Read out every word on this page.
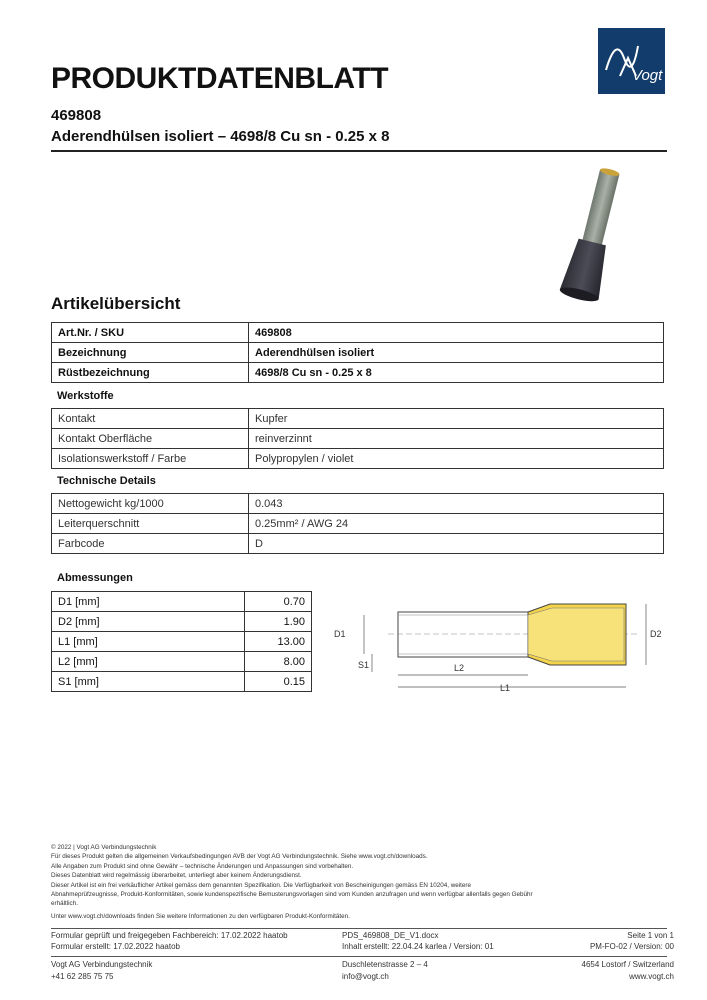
Vogt
PRODUKTDATENBLATT
469808
Aderendhülsen isoliert – 4698/8 Cu sn - 0.25 x 8
Artikelübersicht
Art.Nr. / SKU	469808
Bezeichnung	Aderendhülsen isoliert
Rüstbezeichnung	4698/8 Cu sn - 0.25 x 8
Werkstoffe
Kontakt	Kupfer
Kontakt Oberfläche	reinverzinnt
Isolationswerkstoff / Farbe	Polypropylen / violet
Technische Details
Nettogewicht kg/1000	0.043
Leiterquerschnitt	0.25mm² / AWG 24
Farbcode	D
Abmessungen
D1 [mm]	0.70
D2 [mm]	1.90
L1 [mm]	13.00
L2 [mm]	8.00
S1 [mm]	0.15
D1	D2
S1	L2
L1
© 2022 | Vogt AG Verbindungstechnik
Für dieses Produkt gelten die allgemeinen Verkaufsbedingungen AVB der Vogt AG Verbindungstechnik. Siehe www.vogt.ch/downloads.
Alle Angaben zum Produkt sind ohne Gewähr – technische Änderungen und Anpassungen sind vorbehalten.
Dieses Datenblatt wird regelmässig überarbeitet, unterliegt aber keinem Änderungsdienst.
Dieser Artikel ist ein frei verkäuflicher Artikel gemäss dem genannten Spezifikation. Die Verfügbarkeit von Bescheinigungen gemäss EN 10204, weitere
Abnahmeprüfzeugnisse, Produkt-Konformitäten, sowie kundenspezifische Bemusterungsvorlagen sind vom Kunden anzufragen und wenn verfügbar allenfalls gegen Gebühr
erhältlich.
Unter www.vogt.ch/downloads finden Sie weitere Informationen zu den verfügbaren Produkt-Konformitäten.
Formular geprüft und freigegeben Fachbereich: 17.02.2022 haatob	PDS_469808_DE_V1.docx	Seite 1 von 1
Formular erstellt: 17.02.2022 haatob	Inhalt erstellt: 22.04.24 karlea / Version: 01	PM-FO-02 / Version: 00
Vogt AG Verbindungstechnik	Duschletenstrasse 2 – 4	4654 Lostorf / Switzerland
+41 62 285 75 75	info@vogt.ch	www.vogt.ch
